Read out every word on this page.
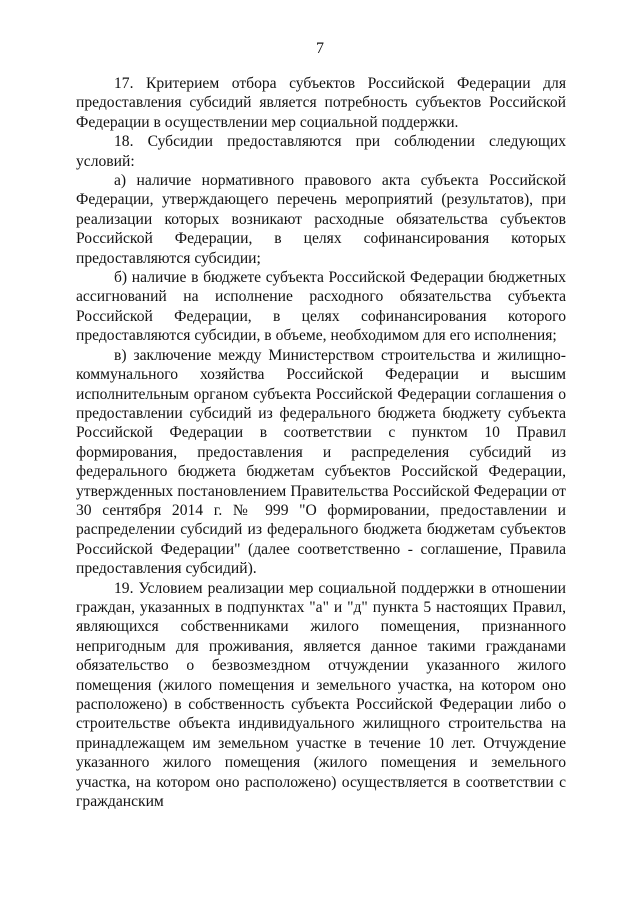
7

17. Критерием отбора субъектов Российской Федерации для предоставления субсидий является потребность субъектов Российской Федерации в осуществлении мер социальной поддержки.

18. Субсидии предоставляются при соблюдении следующих условий:

а) наличие нормативного правового акта субъекта Российской Федерации, утверждающего перечень мероприятий (результатов), при реализации которых возникают расходные обязательства субъектов Российской Федерации, в целях софинансирования которых предоставляются субсидии;

б) наличие в бюджете субъекта Российской Федерации бюджетных ассигнований на исполнение расходного обязательства субъекта Российской Федерации, в целях софинансирования которого предоставляются субсидии, в объеме, необходимом для его исполнения;

в) заключение между Министерством строительства и жилищно-коммунального хозяйства Российской Федерации и высшим исполнительным органом субъекта Российской Федерации соглашения о предоставлении субсидий из федерального бюджета бюджету субъекта Российской Федерации в соответствии с пунктом 10 Правил формирования, предоставления и распределения субсидий из федерального бюджета бюджетам субъектов Российской Федерации, утвержденных постановлением Правительства Российской Федерации от 30 сентября 2014 г. № 999 "О формировании, предоставлении и распределении субсидий из федерального бюджета бюджетам субъектов Российской Федерации" (далее соответственно - соглашение, Правила предоставления субсидий).

19. Условием реализации мер социальной поддержки в отношении граждан, указанных в подпунктах "а" и "д" пункта 5 настоящих Правил, являющихся собственниками жилого помещения, признанного непригодным для проживания, является данное такими гражданами обязательство о безвозмездном отчуждении указанного жилого помещения (жилого помещения и земельного участка, на котором оно расположено) в собственность субъекта Российской Федерации либо о строительстве объекта индивидуального жилищного строительства на принадлежащем им земельном участке в течение 10 лет. Отчуждение указанного жилого помещения (жилого помещения и земельного участка, на котором оно расположено) осуществляется в соответствии с гражданским
